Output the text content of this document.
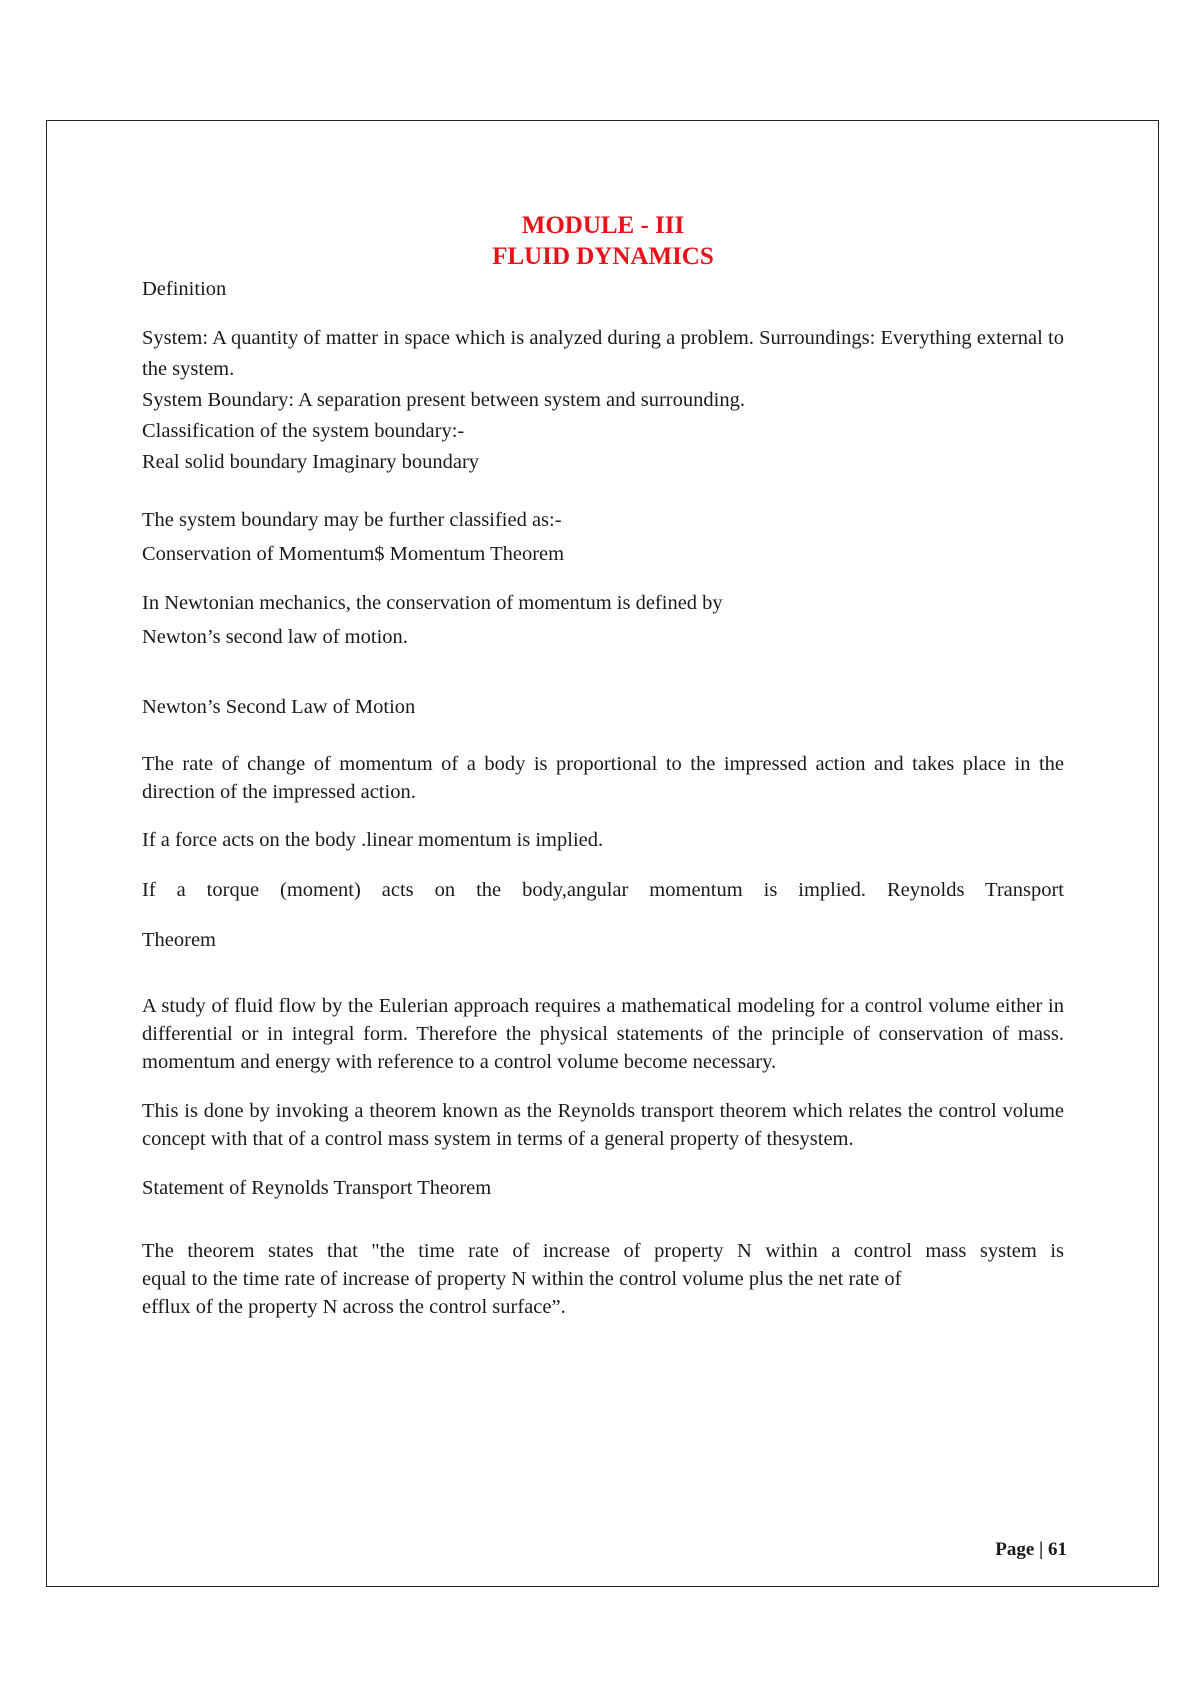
MODULE - III

FLUID DYNAMICS

Definition

System: A quantity of matter in space which is analyzed during a problem. Surroundings: Everything external to the system.

System Boundary: A separation present between system and surrounding.

Classification of the system boundary:-

Real solid boundary Imaginary boundary

The system boundary may be further classified as:-

Conservation of Momentum$ Momentum Theorem

In Newtonian mechanics, the conservation of momentum is defined by

Newton’s second law of motion.

Newton’s Second Law of Motion

The rate of change of momentum of a body is proportional to the impressed action and takes place in the direction of the impressed action.

If a force acts on the body .linear momentum is implied.

If a torque (moment) acts on the body,angular momentum is implied. Reynolds Transport

Theorem

A study of fluid flow by the Eulerian approach requires a mathematical modeling for a control volume either in differential or in integral form. Therefore the physical statements of the principle of conservation of mass. momentum and energy with reference to a control volume become necessary.

This is done by invoking a theorem known as the Reynolds transport theorem which relates the control volume concept with that of a control mass system in terms of a general property of thesystem.

Statement of Reynolds Transport Theorem

The theorem states that "the time rate of increase of property N within a control mass system is

equal to the time rate of increase of property N within the control volume plus the net rate of

efflux of the property N across the control surface”.

Page | 61
